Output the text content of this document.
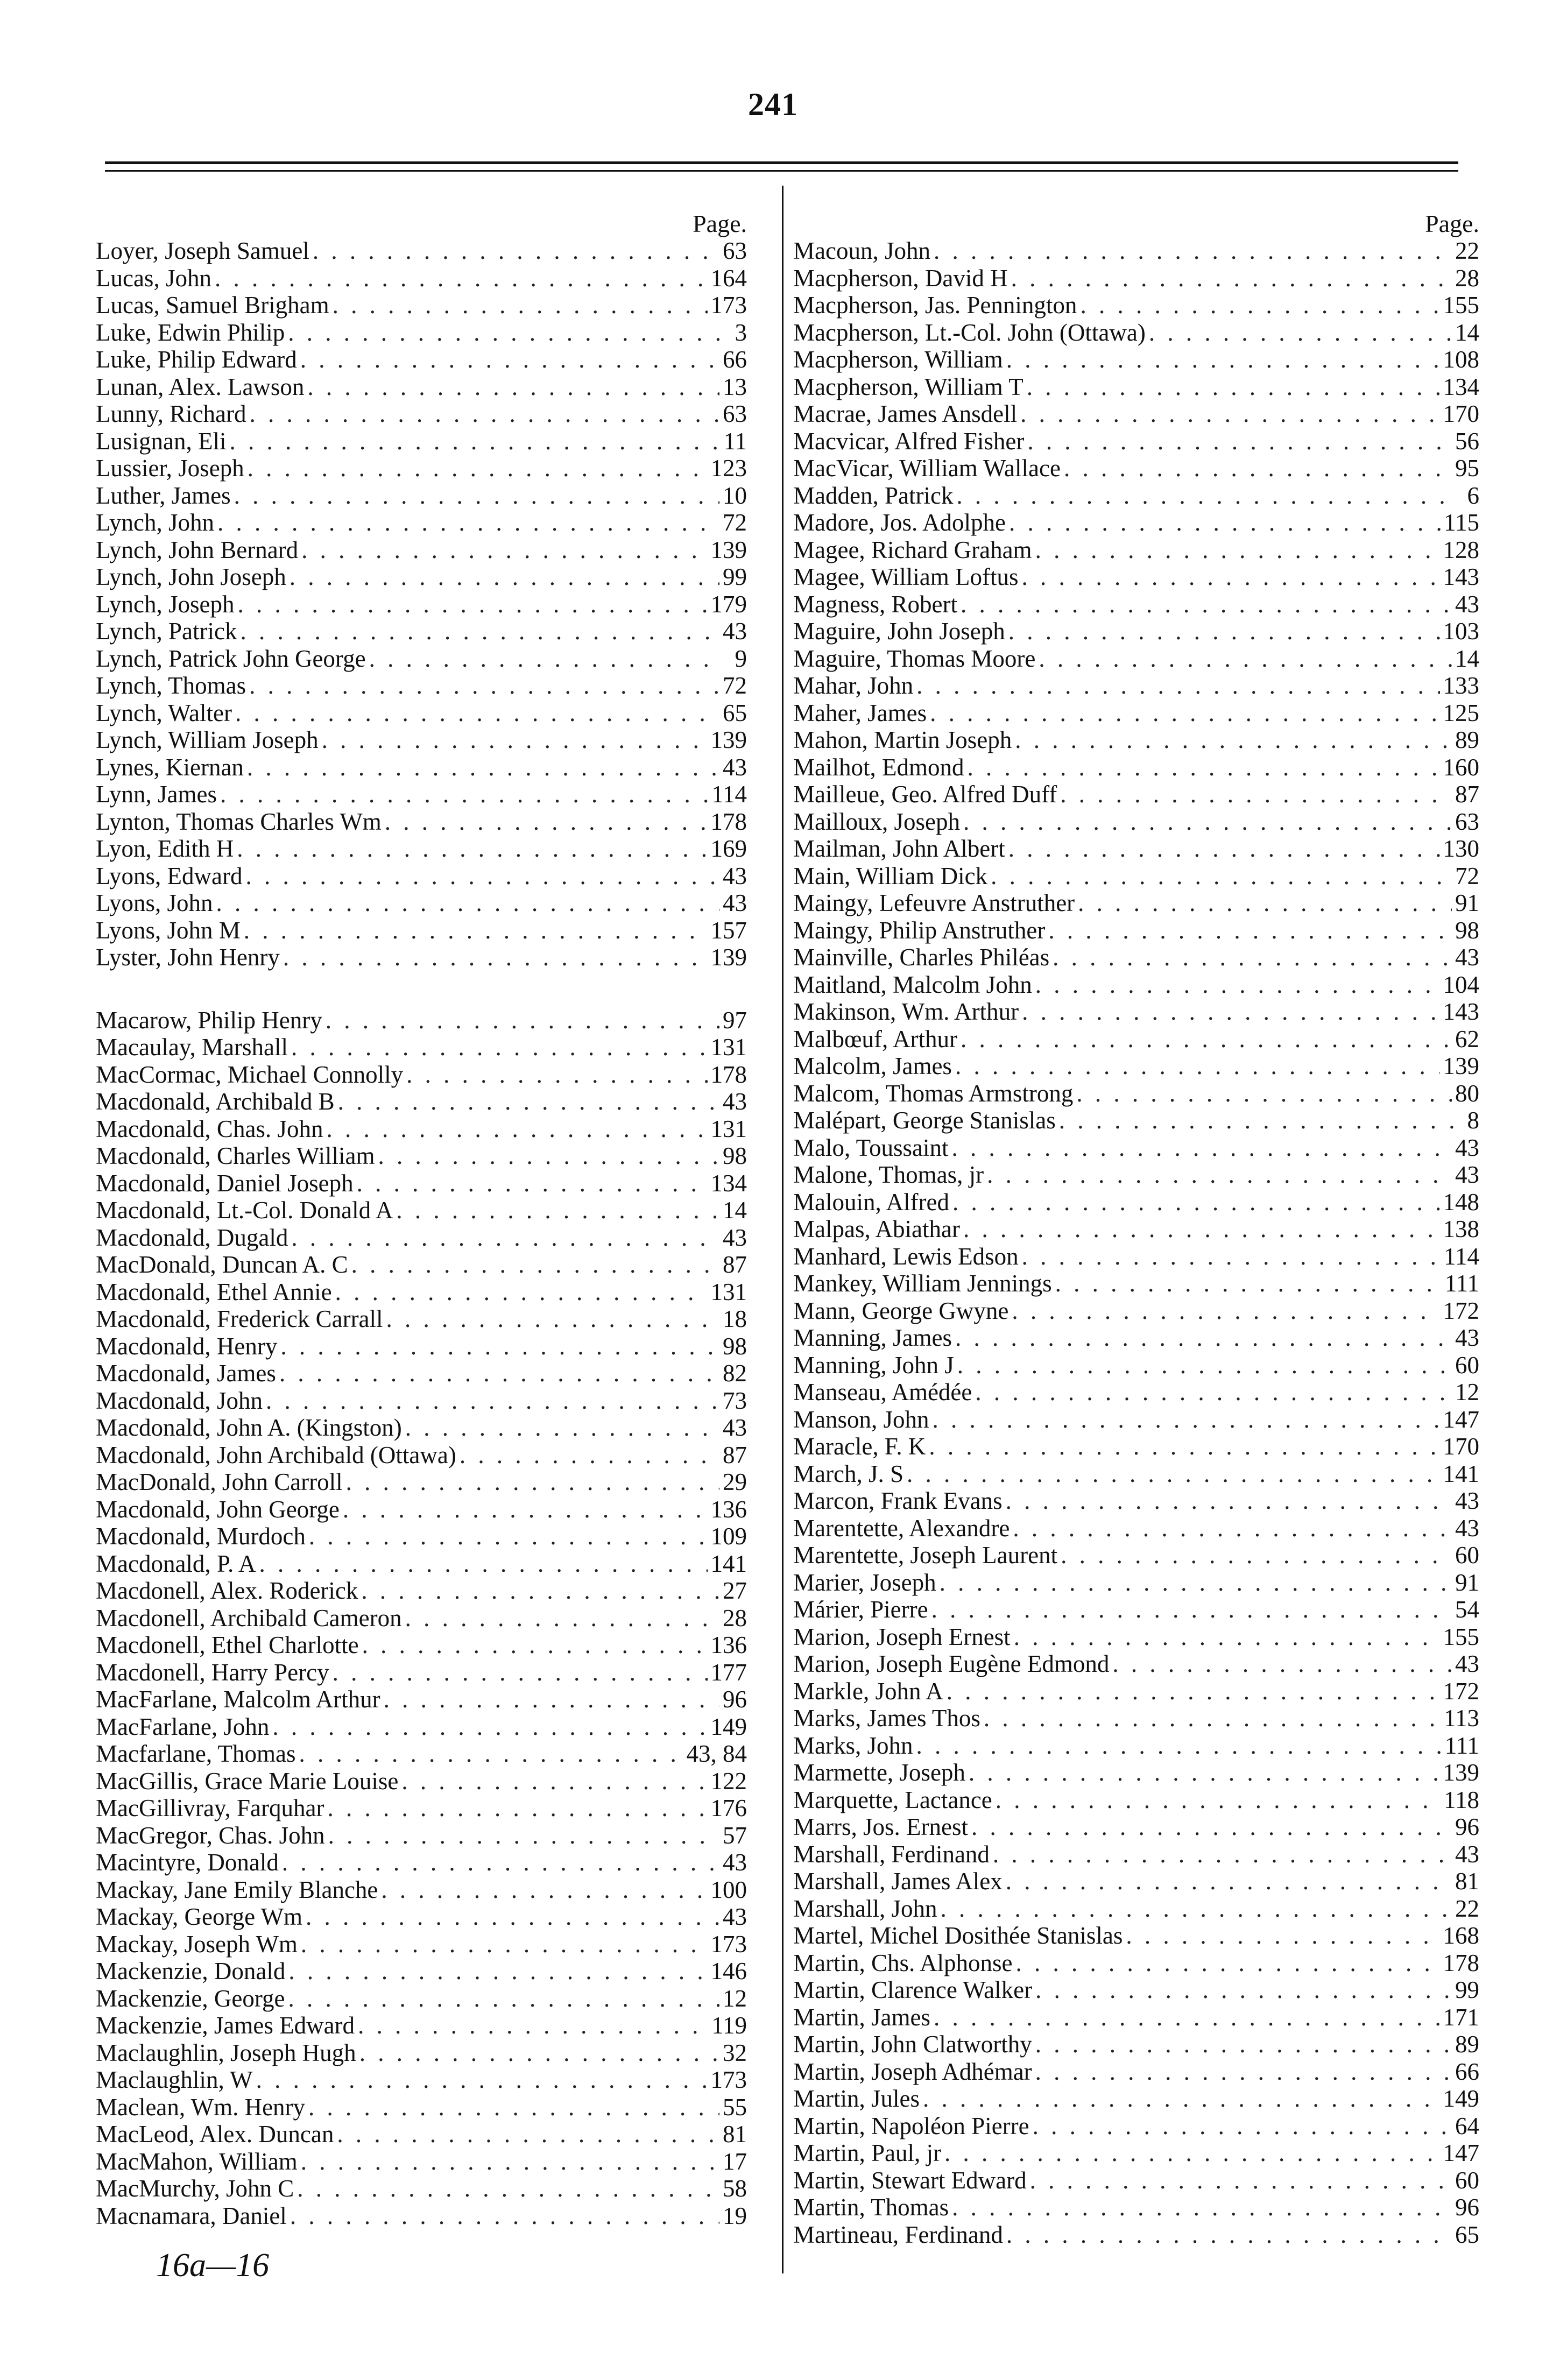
241
Page.
Loyer, Joseph Samuel . . .	63
Lucas, John . . .	164
Lucas, Samuel Brigham . . .	173
Luke, Edwin Philip . . .	3
Luke, Philip Edward . . .	66
Lunan, Alex. Lawson . . .	13
Lunny, Richard . . .	63
Lusignan, Eli . . .	11
Lussier, Joseph . . .	123
Luther, James . . .	10
Lynch, John . . .	72
Lynch, John Bernard . . .	139
Lynch, John Joseph . . .	99
Lynch, Joseph . . .	179
Lynch, Patrick . . .	43
Lynch, Patrick John George . . .	9
Lynch, Thomas . . .	72
Lynch, Walter . . .	65
Lynch, William Joseph . . .	139
Lynes, Kiernan . . .	43
Lynn, James . . .	114
Lynton, Thomas Charles Wm . . .	178
Lyon, Edith H . . .	169
Lyons, Edward . . .	43
Lyons, John . . .	43
Lyons, John M . . .	157
Lyster, John Henry . . .	139
Macarow, Philip Henry . . .	97
Macaulay, Marshall . . .	131
MacCormac, Michael Connolly . . .	178
Macdonald, Archibald B . . .	43
Macdonald, Chas. John . . .	131
Macdonald, Charles William . . .	98
Macdonald, Daniel Joseph . . .	134
Macdonald, Lt.-Col. Donald A . . .	14
Macdonald, Dugald . . .	43
MacDonald, Duncan A. C . . .	87
Macdonald, Ethel Annie . . .	131
Macdonald, Frederick Carrall . . .	18
Macdonald, Henry . . .	98
Macdonald, James . . .	82
Macdonald, John . . .	73
Macdonald, John A. (Kingston) . . .	43
Macdonald, John Archibald (Ottawa) . . .	87
MacDonald, John Carroll . . .	29
Macdonald, John George . . .	136
Macdonald, Murdoch . . .	109
Macdonald, P. A . . .	141
Macdonell, Alex. Roderick . . .	27
Macdonell, Archibald Cameron . . .	28
Macdonell, Ethel Charlotte . . .	136
Macdonell, Harry Percy . . .	177
MacFarlane, Malcolm Arthur . . .	96
MacFarlane, John . . .	149
Macfarlane, Thomas . . .	43, 84
MacGillis, Grace Marie Louise . . .	122
MacGillivray, Farquhar . . .	176
MacGregor, Chas. John . . .	57
Macintyre, Donald . . .	43
Mackay, Jane Emily Blanche . . .	100
Mackay, George Wm . . .	43
Mackay, Joseph Wm . . .	173
Mackenzie, Donald . . .	146
Mackenzie, George . . .	12
Mackenzie, James Edward . . .	119
Maclaughlin, Joseph Hugh . . .	32
Maclaughlin, W . . .	173
Maclean, Wm. Henry . . .	55
MacLeod, Alex. Duncan . . .	81
MacMahon, William . . .	17
MacMurchy, John C . . .	58
Macnamara, Daniel . . .	19
Page.
Macoun, John . . .	22
Macpherson, David H . . .	28
Macpherson, Jas. Pennington . . .	155
Macpherson, Lt.-Col. John (Ottawa) . . .	14
Macpherson, William . . .	108
Macpherson, William T . . .	134
Macrae, James Ansdell . . .	170
Macvicar, Alfred Fisher . . .	56
MacVicar, William Wallace . . .	95
Madden, Patrick . . .	6
Madore, Jos. Adolphe . . .	115
Magee, Richard Graham . . .	128
Magee, William Loftus . . .	143
Magness, Robert . . .	43
Maguire, John Joseph . . .	103
Maguire, Thomas Moore . . .	14
Mahar, John . . .	133
Maher, James . . .	125
Mahon, Martin Joseph . . .	89
Mailhot, Edmond . . .	160
Mailleue, Geo. Alfred Duff . . .	87
Mailloux, Joseph . . .	63
Mailman, John Albert . . .	130
Main, William Dick . . .	72
Maingy, Lefeuvre Anstruther . . .	91
Maingy, Philip Anstruther . . .	98
Mainville, Charles Philéas . . .	43
Maitland, Malcolm John . . .	104
Makinson, Wm. Arthur . . .	143
Malbœuf, Arthur . . .	62
Malcolm, James . . .	139
Malcom, Thomas Armstrong . . .	80
Malépart, George Stanislas . . .	8
Malo, Toussaint . . .	43
Malone, Thomas, jr . . .	43
Malouin, Alfred . . .	148
Malpas, Abiathar . . .	138
Manhard, Lewis Edson . . .	114
Mankey, William Jennings . . .	111
Mann, George Gwyne . . .	172
Manning, James . . .	43
Manning, John J . . .	60
Manseau, Amédée . . .	12
Manson, John . . .	147
Maracle, F. K . . .	170
March, J. S . . .	141
Marcon, Frank Evans . . .	43
Marentette, Alexandre . . .	43
Marentette, Joseph Laurent . . .	60
Marier, Joseph . . .	91
Márier, Pierre . . .	54
Marion, Joseph Ernest . . .	155
Marion, Joseph Eugène Edmond . . .	43
Markle, John A . . .	172
Marks, James Thos . . .	113
Marks, John . . .	111
Marmette, Joseph . . .	139
Marquette, Lactance . . .	118
Marrs, Jos. Ernest . . .	96
Marshall, Ferdinand . . .	43
Marshall, James Alex . . .	81
Marshall, John . . .	22
Martel, Michel Dosithée Stanislas . . .	168
Martin, Chs. Alphonse . . .	178
Martin, Clarence Walker . . .	99
Martin, James . . .	171
Martin, John Clatworthy . . .	89
Martin, Joseph Adhémar . . .	66
Martin, Jules . . .	149
Martin, Napoléon Pierre . . .	64
Martin, Paul, jr . . .	147
Martin, Stewart Edward . . .	60
Martin, Thomas . . .	96
Martineau, Ferdinand . . .	65
16a—16
